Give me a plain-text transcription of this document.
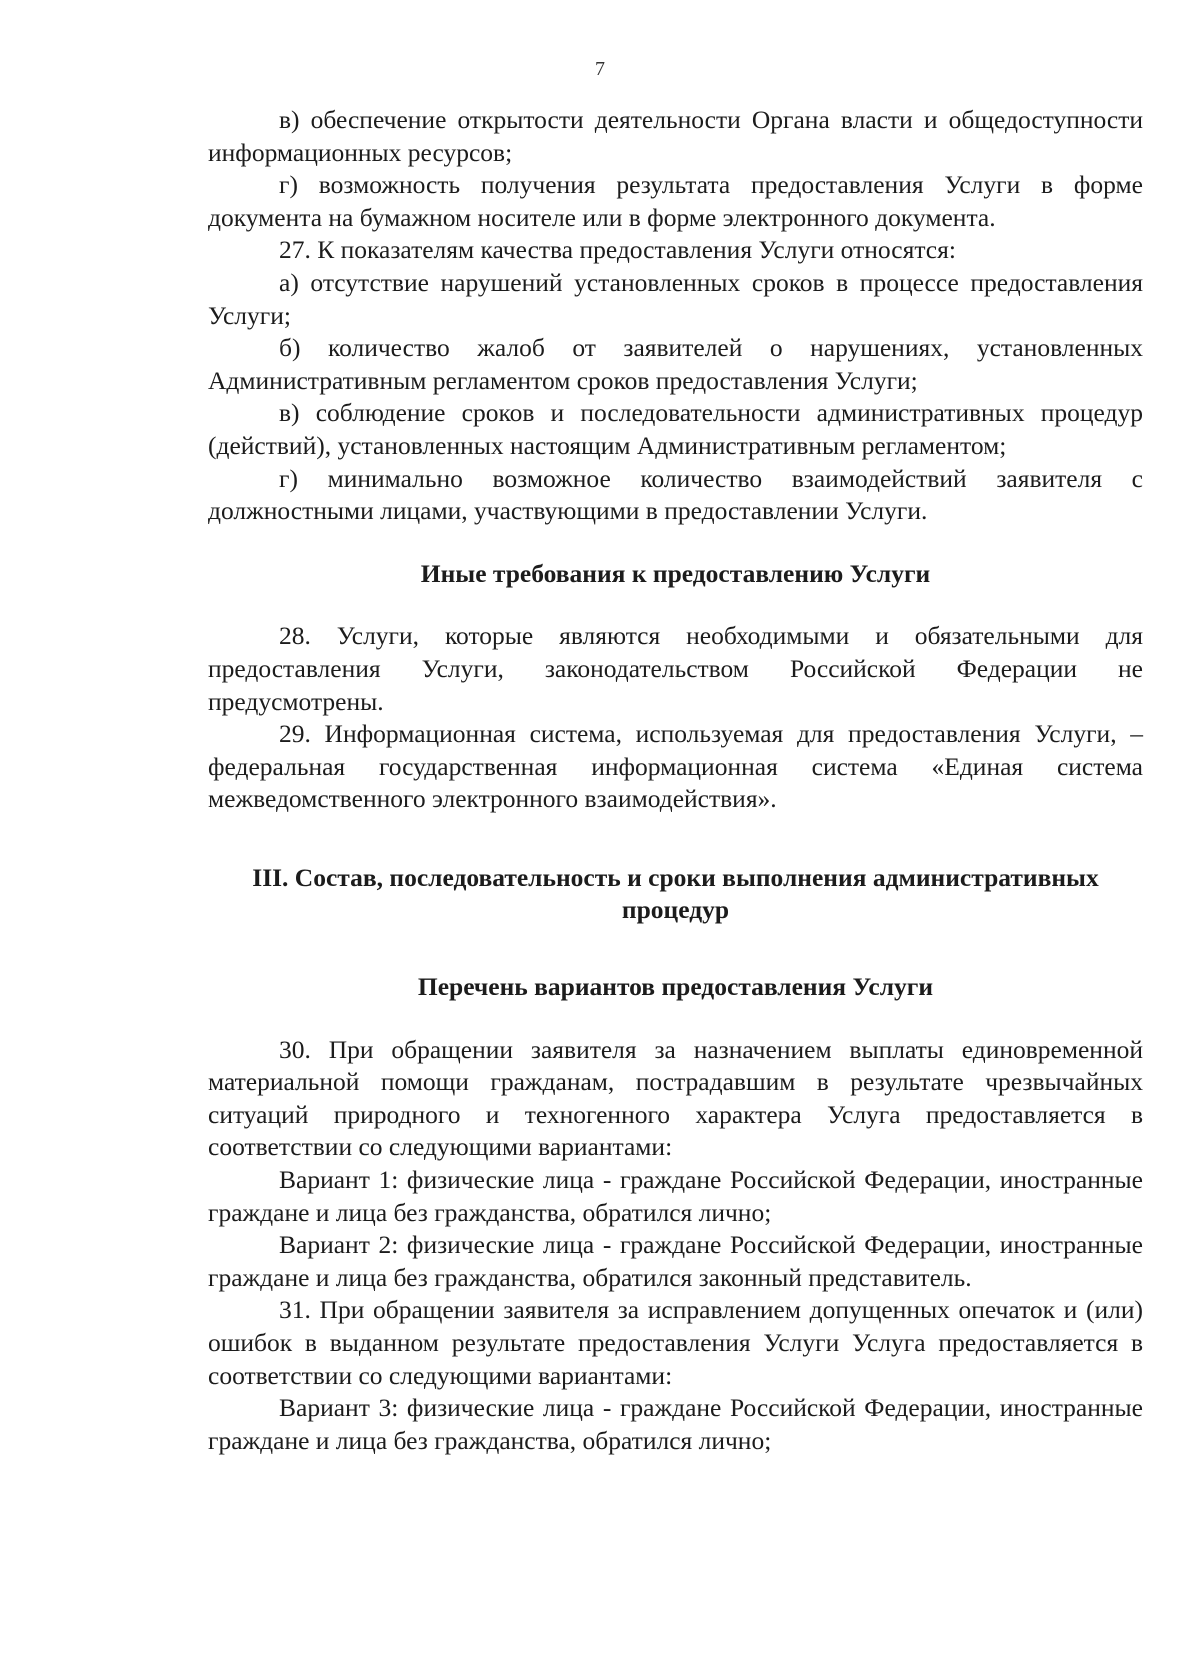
7

в) обеспечение открытости деятельности Органа власти и общедоступности информационных ресурсов;

г) возможность получения результата предоставления Услуги в форме документа на бумажном носителе или в форме электронного документа.

27. К показателям качества предоставления Услуги относятся:

а) отсутствие нарушений установленных сроков в процессе предоставления Услуги;

б) количество жалоб от заявителей о нарушениях, установленных Административным регламентом сроков предоставления Услуги;

в) соблюдение сроков и последовательности административных процедур (действий), установленных настоящим Административным регламентом;

г) минимально возможное количество взаимодействий заявителя с должностными лицами, участвующими в предоставлении Услуги.

Иные требования к предоставлению Услуги

28. Услуги, которые являются необходимыми и обязательными для предоставления Услуги, законодательством Российской Федерации не предусмотрены.

29. Информационная система, используемая для предоставления Услуги, – федеральная государственная информационная система «Единая система межведомственного электронного взаимодействия».

III. Состав, последовательность и сроки выполнения административных процедур
Перечень вариантов предоставления Услуги

30. При обращении заявителя за назначением выплаты единовременной материальной помощи гражданам, пострадавшим в результате чрезвычайных ситуаций природного и техногенного характера Услуга предоставляется в соответствии со следующими вариантами:

Вариант 1: физические лица - граждане Российской Федерации, иностранные граждане и лица без гражданства, обратился лично;

Вариант 2: физические лица - граждане Российской Федерации, иностранные граждане и лица без гражданства, обратился законный представитель.

31. При обращении заявителя за исправлением допущенных опечаток и (или) ошибок в выданном результате предоставления Услуги Услуга предоставляется в соответствии со следующими вариантами:

Вариант 3: физические лица - граждане Российской Федерации, иностранные граждане и лица без гражданства, обратился лично;
